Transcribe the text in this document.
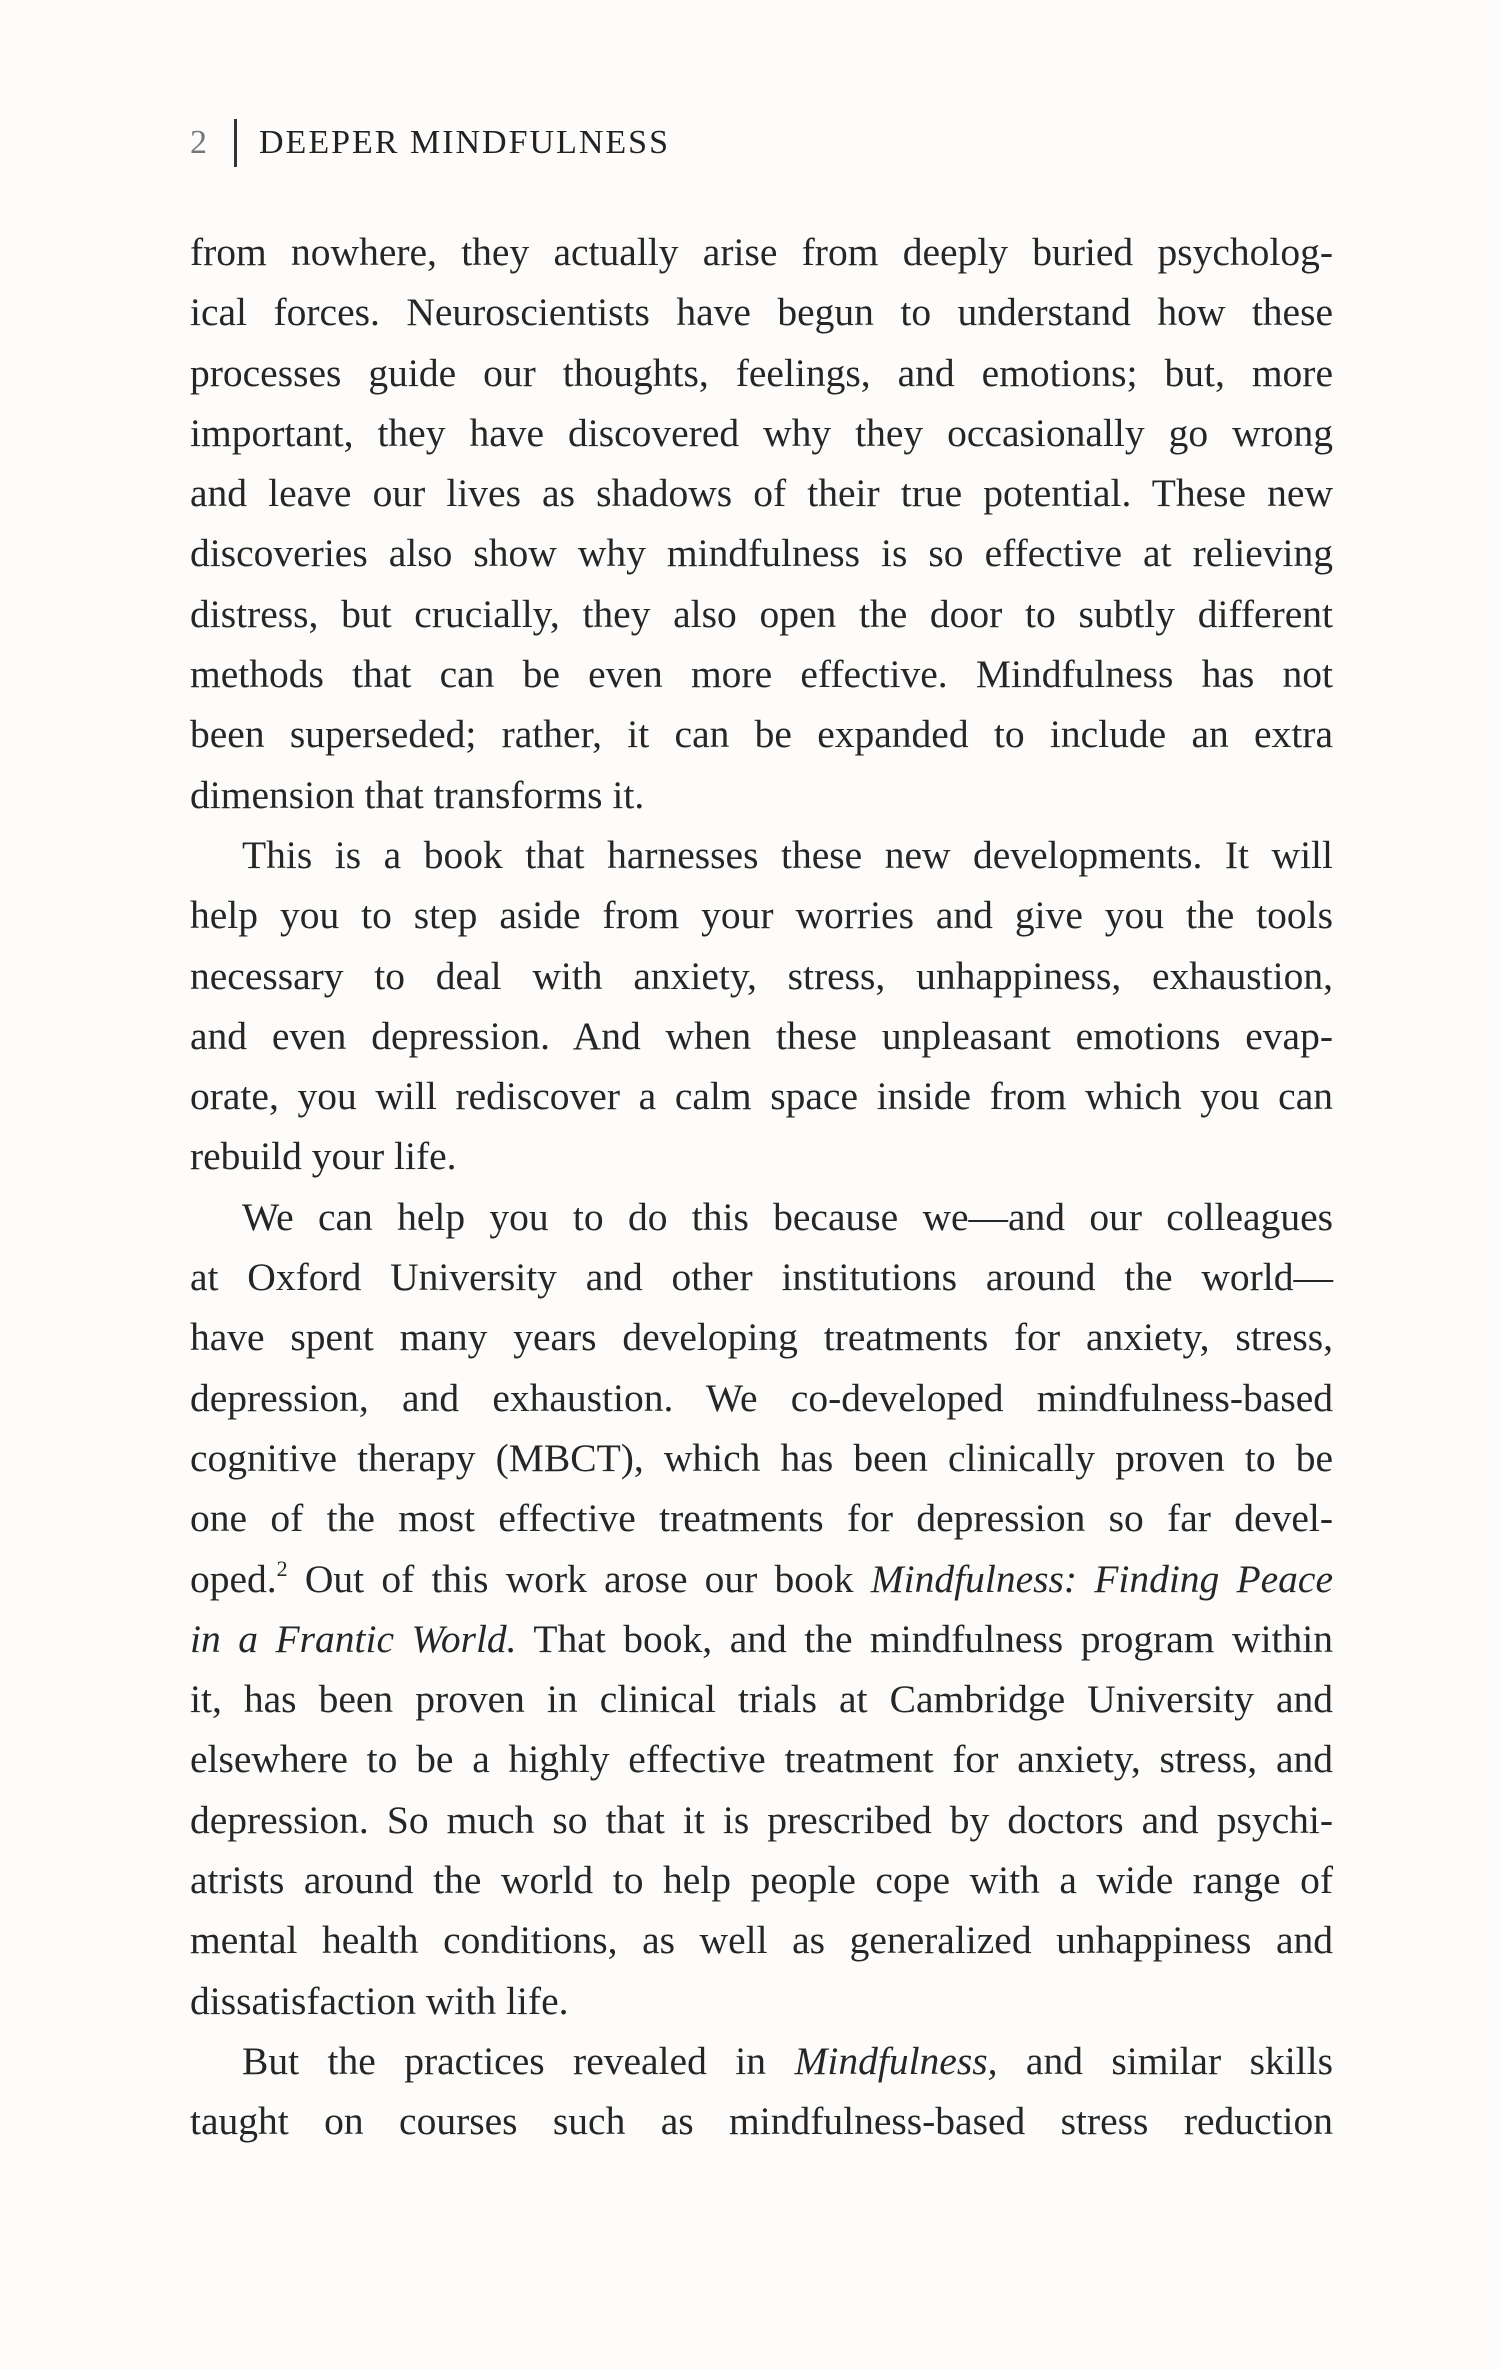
2	DEEPER MINDFULNESS
from nowhere, they actually arise from deeply buried psycholog-
ical forces. Neuroscientists have begun to understand how these
processes guide our thoughts, feelings, and emotions; but, more
important, they have discovered why they occasionally go wrong
and leave our lives as shadows of their true potential. These new
discoveries also show why mindfulness is so effective at relieving
distress, but crucially, they also open the door to subtly different
methods that can be even more effective. Mindfulness has not
been superseded; rather, it can be expanded to include an extra
dimension that transforms it.
This is a book that harnesses these new developments. It will
help you to step aside from your worries and give you the tools
necessary to deal with anxiety, stress, unhappiness, exhaustion,
and even depression. And when these unpleasant emotions evap-
orate, you will rediscover a calm space inside from which you can
rebuild your life.
We can help you to do this because we—and our colleagues
at Oxford University and other institutions around the world—
have spent many years developing treatments for anxiety, stress,
depression, and exhaustion. We co-developed mindfulness-based
cognitive therapy (MBCT), which has been clinically proven to be
one of the most effective treatments for depression so far devel-
oped.$^2$ Out of this work arose our book Mindfulness: Finding Peace
in a Frantic World. That book, and the mindfulness program within
it, has been proven in clinical trials at Cambridge University and
elsewhere to be a highly effective treatment for anxiety, stress, and
depression. So much so that it is prescribed by doctors and psychi-
atrists around the world to help people cope with a wide range of
mental health conditions, as well as generalized unhappiness and
dissatisfaction with life.
But the practices revealed in Mindfulness, and similar skills
taught on courses such as mindfulness-based stress reduction
